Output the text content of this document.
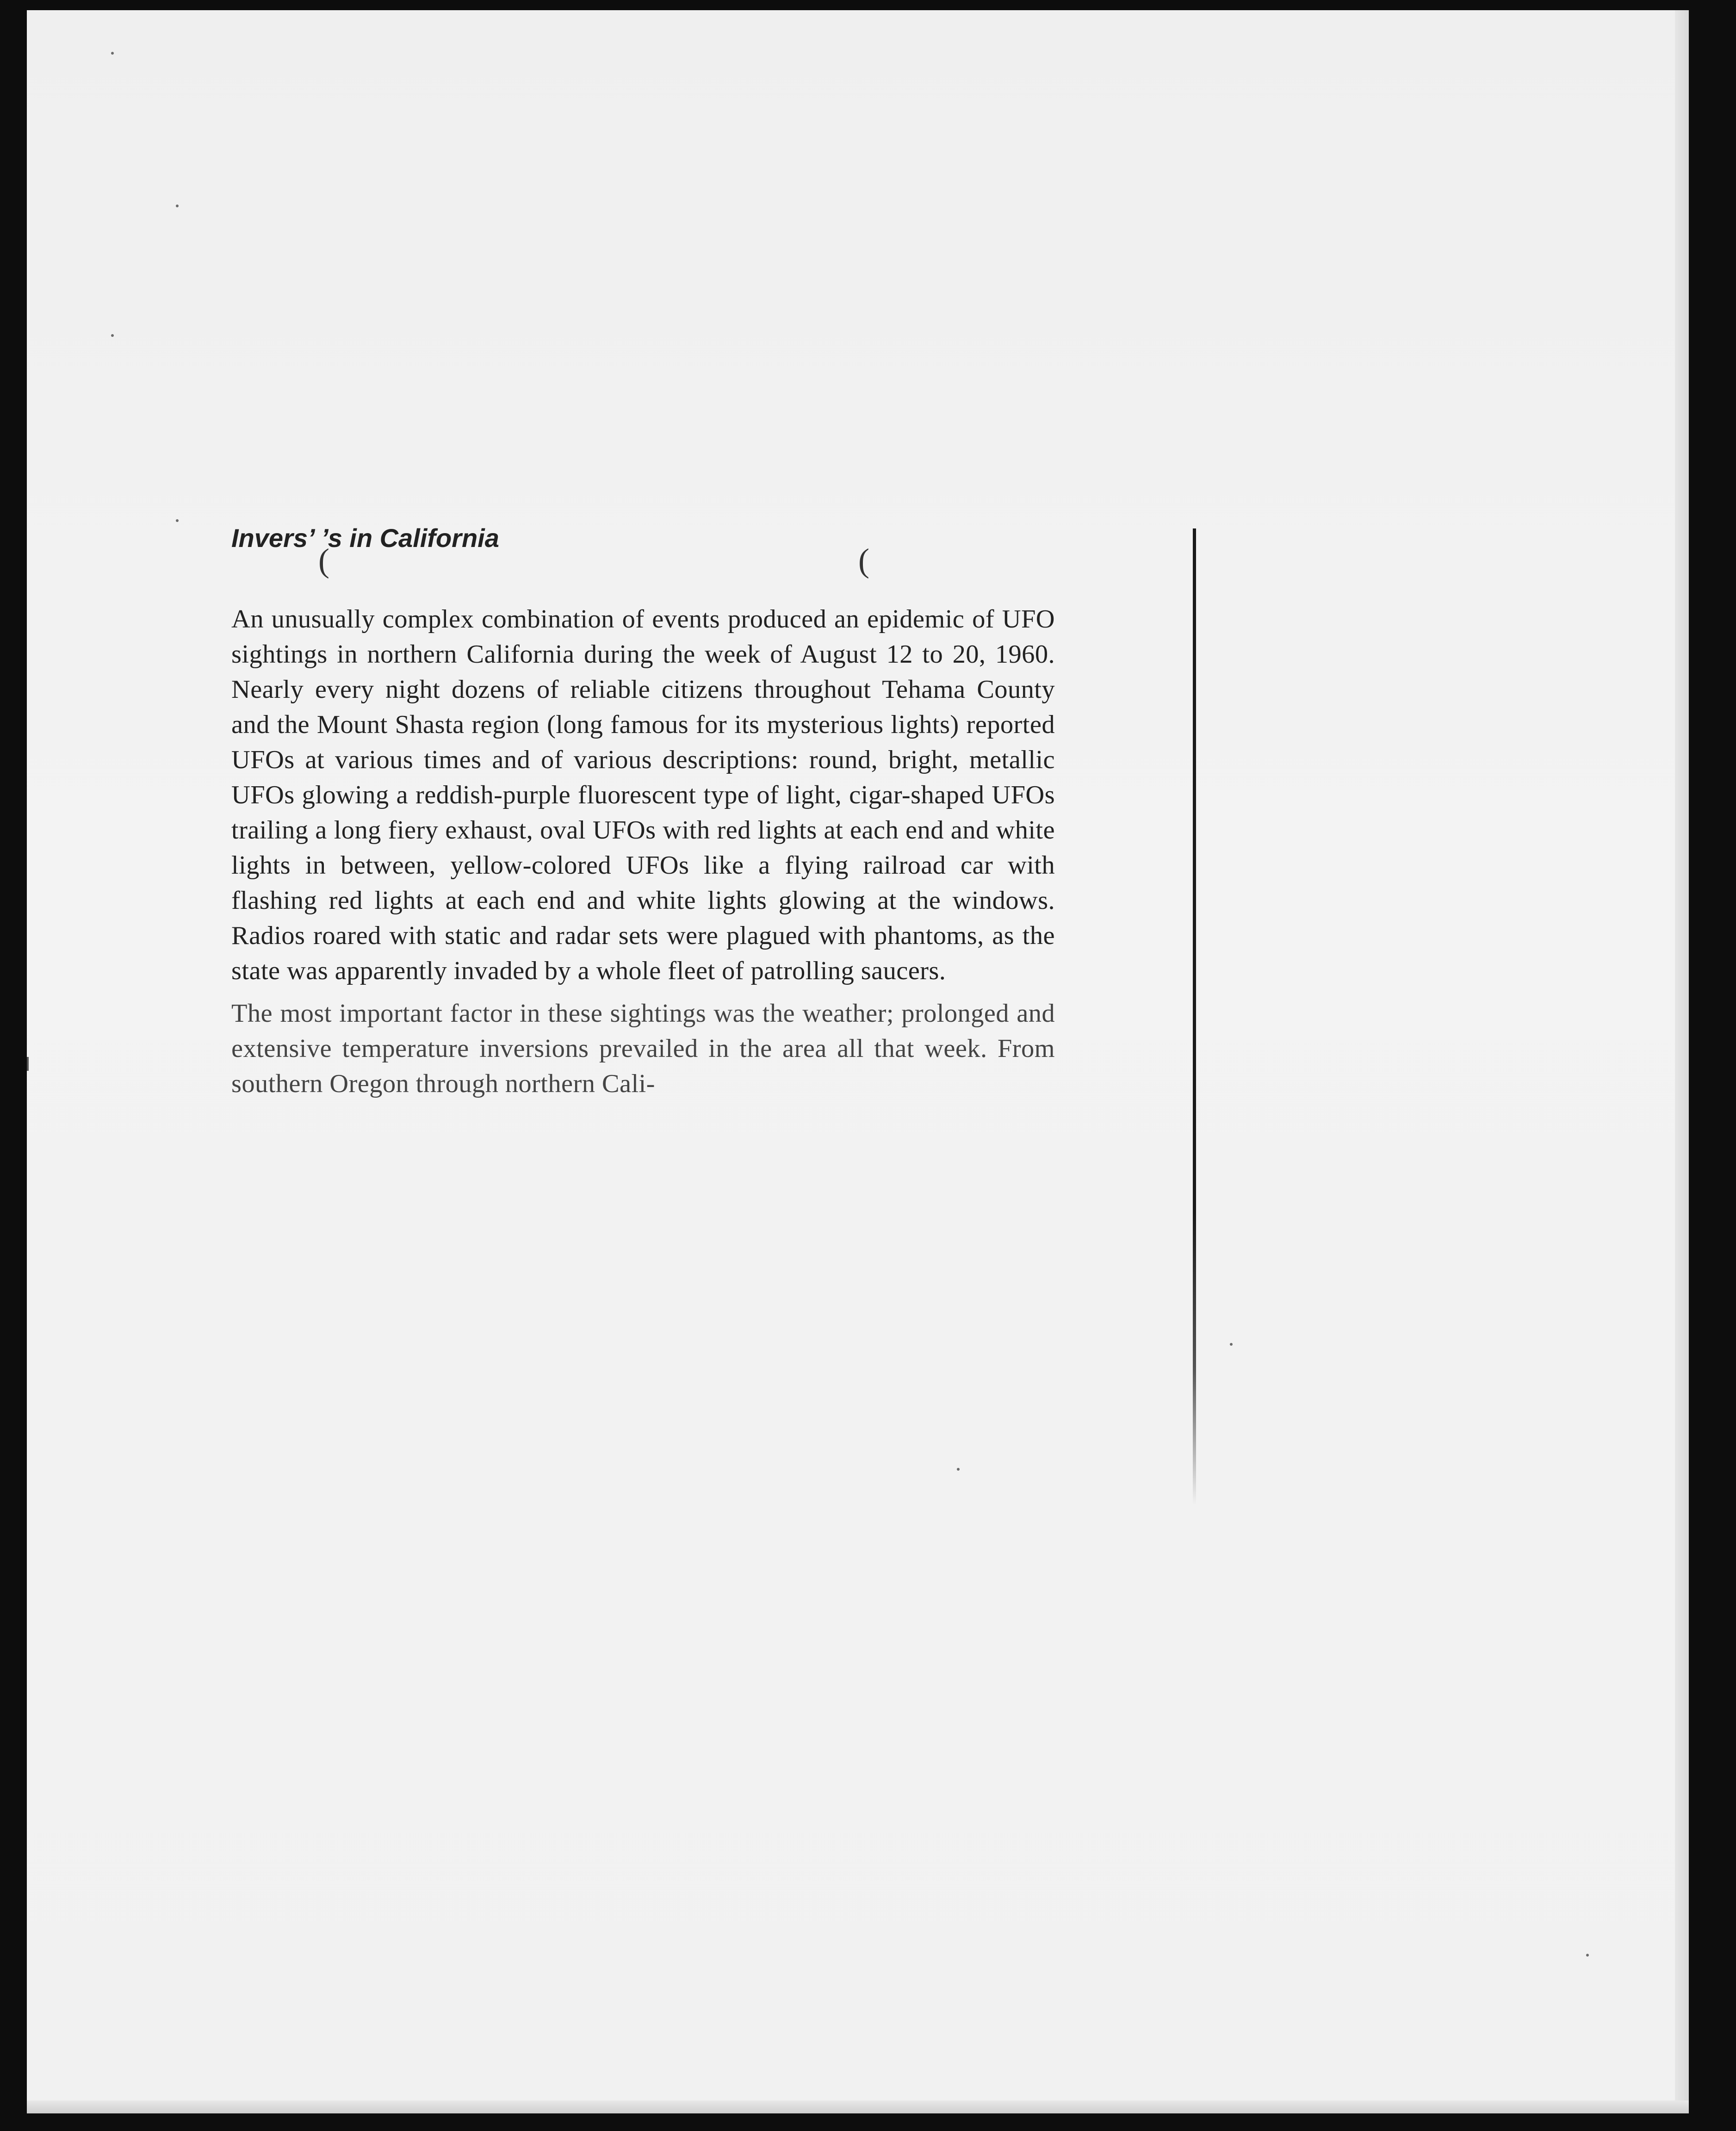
Invers’ ’s in California
(	(

An unusually complex combination of events produced an epidemic of UFO sightings in northern California during the week of August 12 to 20, 1960. Nearly every night dozens of reliable citizens throughout Tehama County and the Mount Shasta region (long famous for its mysterious lights) reported UFOs at various times and of various descriptions: round, bright, metallic UFOs glowing a reddish-purple fluorescent type of light, cigar-shaped UFOs trailing a long fiery exhaust, oval UFOs with red lights at each end and white lights in between, yellow-colored UFOs like a flying railroad car with flashing red lights at each end and white lights glowing at the windows. Radios roared with static and radar sets were plagued with phantoms, as the state was apparently invaded by a whole fleet of patrolling saucers.

The most important factor in these sightings was the weather; prolonged and extensive temperature inversions prevailed in the area all that week. From southern Oregon through northern Cali-
